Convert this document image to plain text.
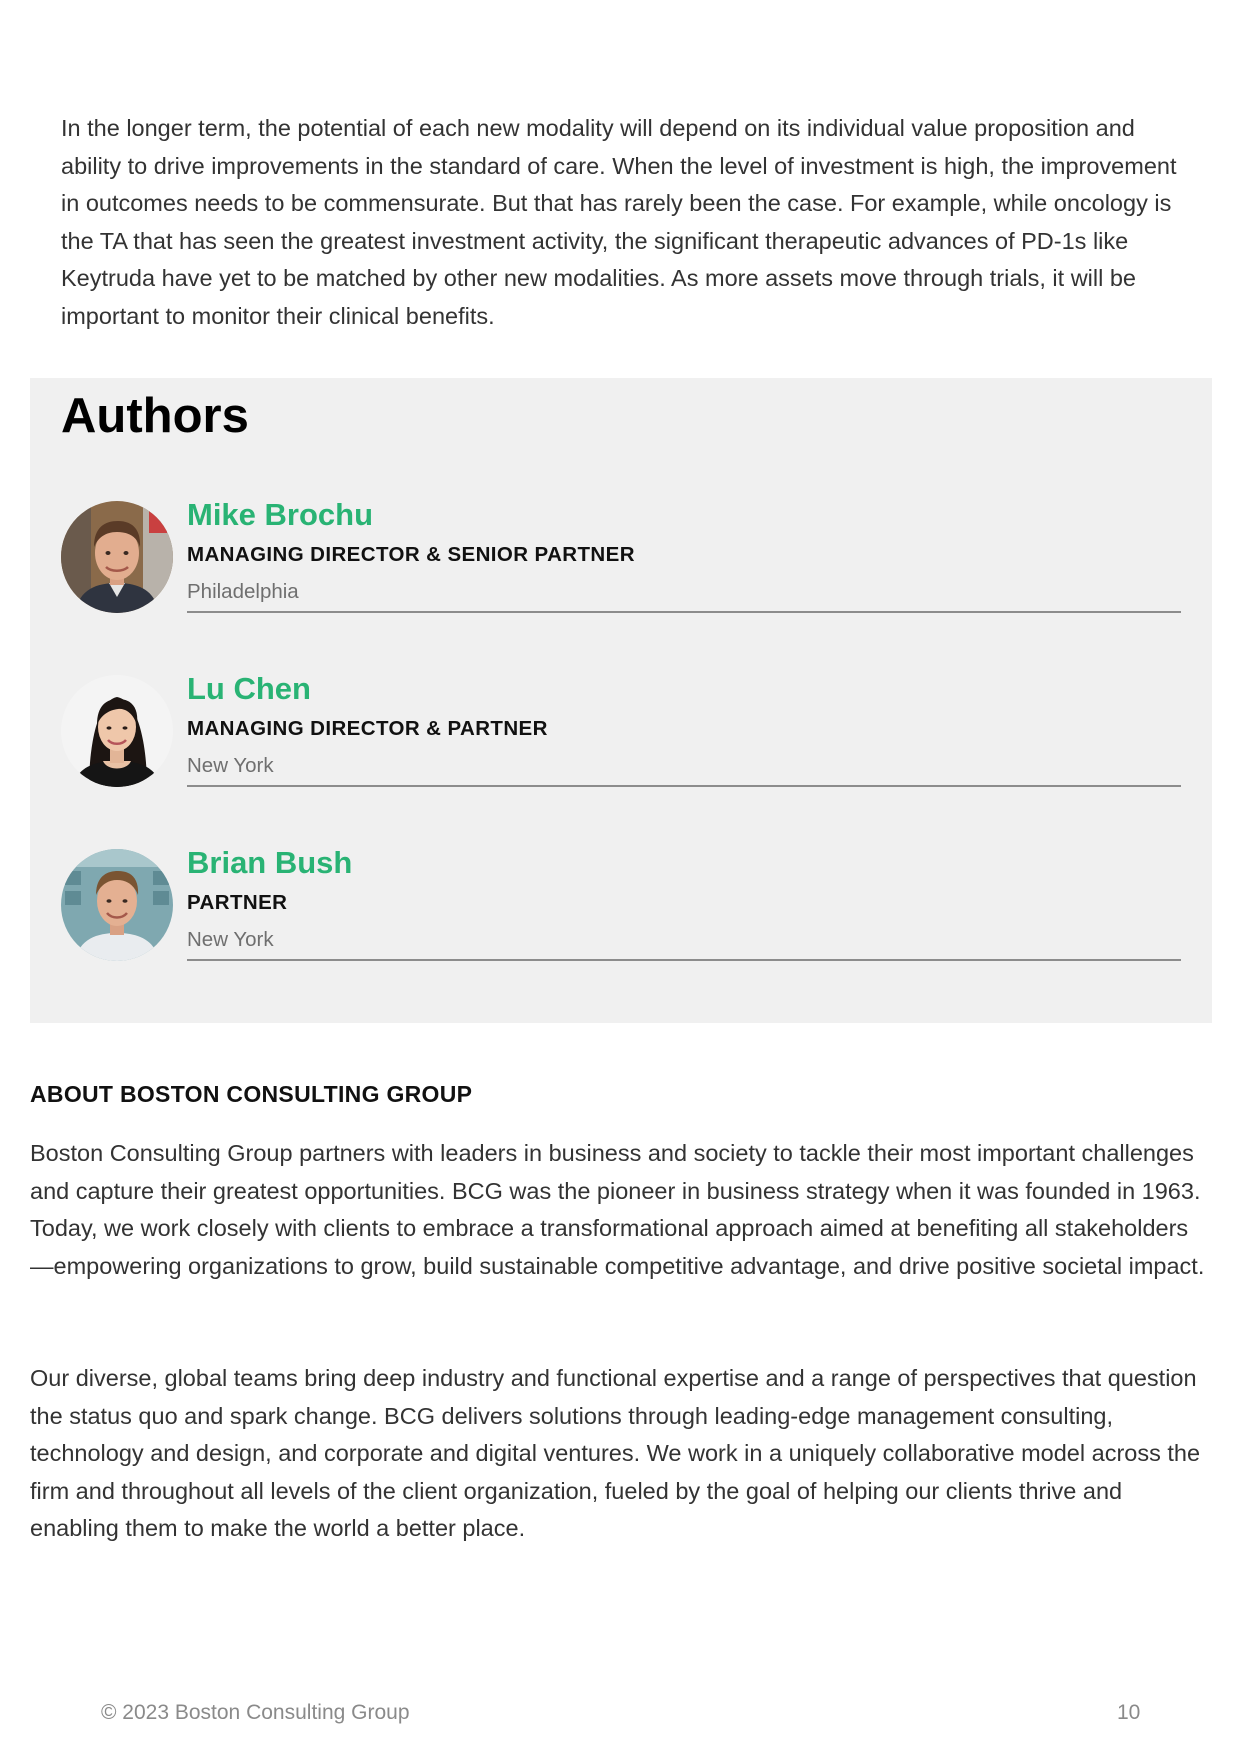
In the longer term, the potential of each new modality will depend on its individual value proposition and ability to drive improvements in the standard of care. When the level of investment is high, the improvement in outcomes needs to be commensurate. But that has rarely been the case. For example, while oncology is the TA that has seen the greatest investment activity, the significant therapeutic advances of PD-1s like Keytruda have yet to be matched by other new modalities. As more assets move through trials, it will be important to monitor their clinical benefits.

Authors
Mike Brochu
MANAGING DIRECTOR & SENIOR PARTNER
Philadelphia
Lu Chen
MANAGING DIRECTOR & PARTNER
New York
Brian Bush
PARTNER
New York
ABOUT BOSTON CONSULTING GROUP

Boston Consulting Group partners with leaders in business and society to tackle their most important challenges and capture their greatest opportunities. BCG was the pioneer in business strategy when it was founded in 1963. Today, we work closely with clients to embrace a transformational approach aimed at benefiting all stakeholders—empowering organizations to grow, build sustainable competitive advantage, and drive positive societal impact.

Our diverse, global teams bring deep industry and functional expertise and a range of perspectives that question the status quo and spark change. BCG delivers solutions through leading-edge management consulting, technology and design, and corporate and digital ventures. We work in a uniquely collaborative model across the firm and throughout all levels of the client organization, fueled by the goal of helping our clients thrive and enabling them to make the world a better place.

© 2023 Boston Consulting Group	10
